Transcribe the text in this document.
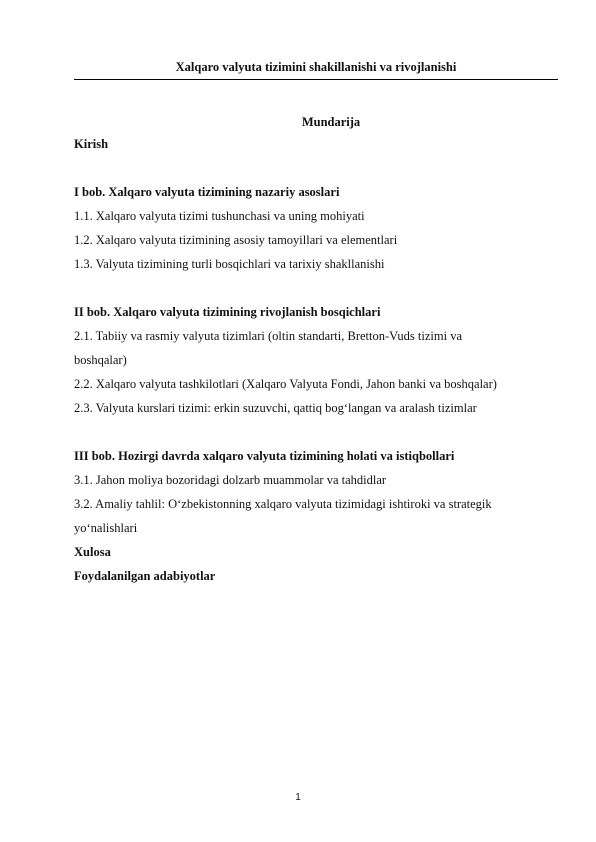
Xalqaro valyuta tizimini shakillanishi va rivojlanishi
Mundarija
Kirish
I bob. Xalqaro valyuta tizimining nazariy asoslari
1.1. Xalqaro valyuta tizimi tushunchasi va uning mohiyati
1.2. Xalqaro valyuta tizimining asosiy tamoyillari va elementlari
1.3. Valyuta tizimining turli bosqichlari va tarixiy shakllanishi
II bob. Xalqaro valyuta tizimining rivojlanish bosqichlari
2.1. Tabiiy va rasmiy valyuta tizimlari (oltin standarti, Bretton-Vuds tizimi va
boshqalar)
2.2. Xalqaro valyuta tashkilotlari (Xalqaro Valyuta Fondi, Jahon banki va boshqalar)
2.3. Valyuta kurslari tizimi: erkin suzuvchi, qattiq bog‘langan va aralash tizimlar
III bob. Hozirgi davrda xalqaro valyuta tizimining holati va istiqbollari
3.1. Jahon moliya bozoridagi dolzarb muammolar va tahdidlar
3.2. Amaliy tahlil: O‘zbekistonning xalqaro valyuta tizimidagi ishtiroki va strategik
yo‘nalishlari
Xulosa
Foydalanilgan adabiyotlar
1
